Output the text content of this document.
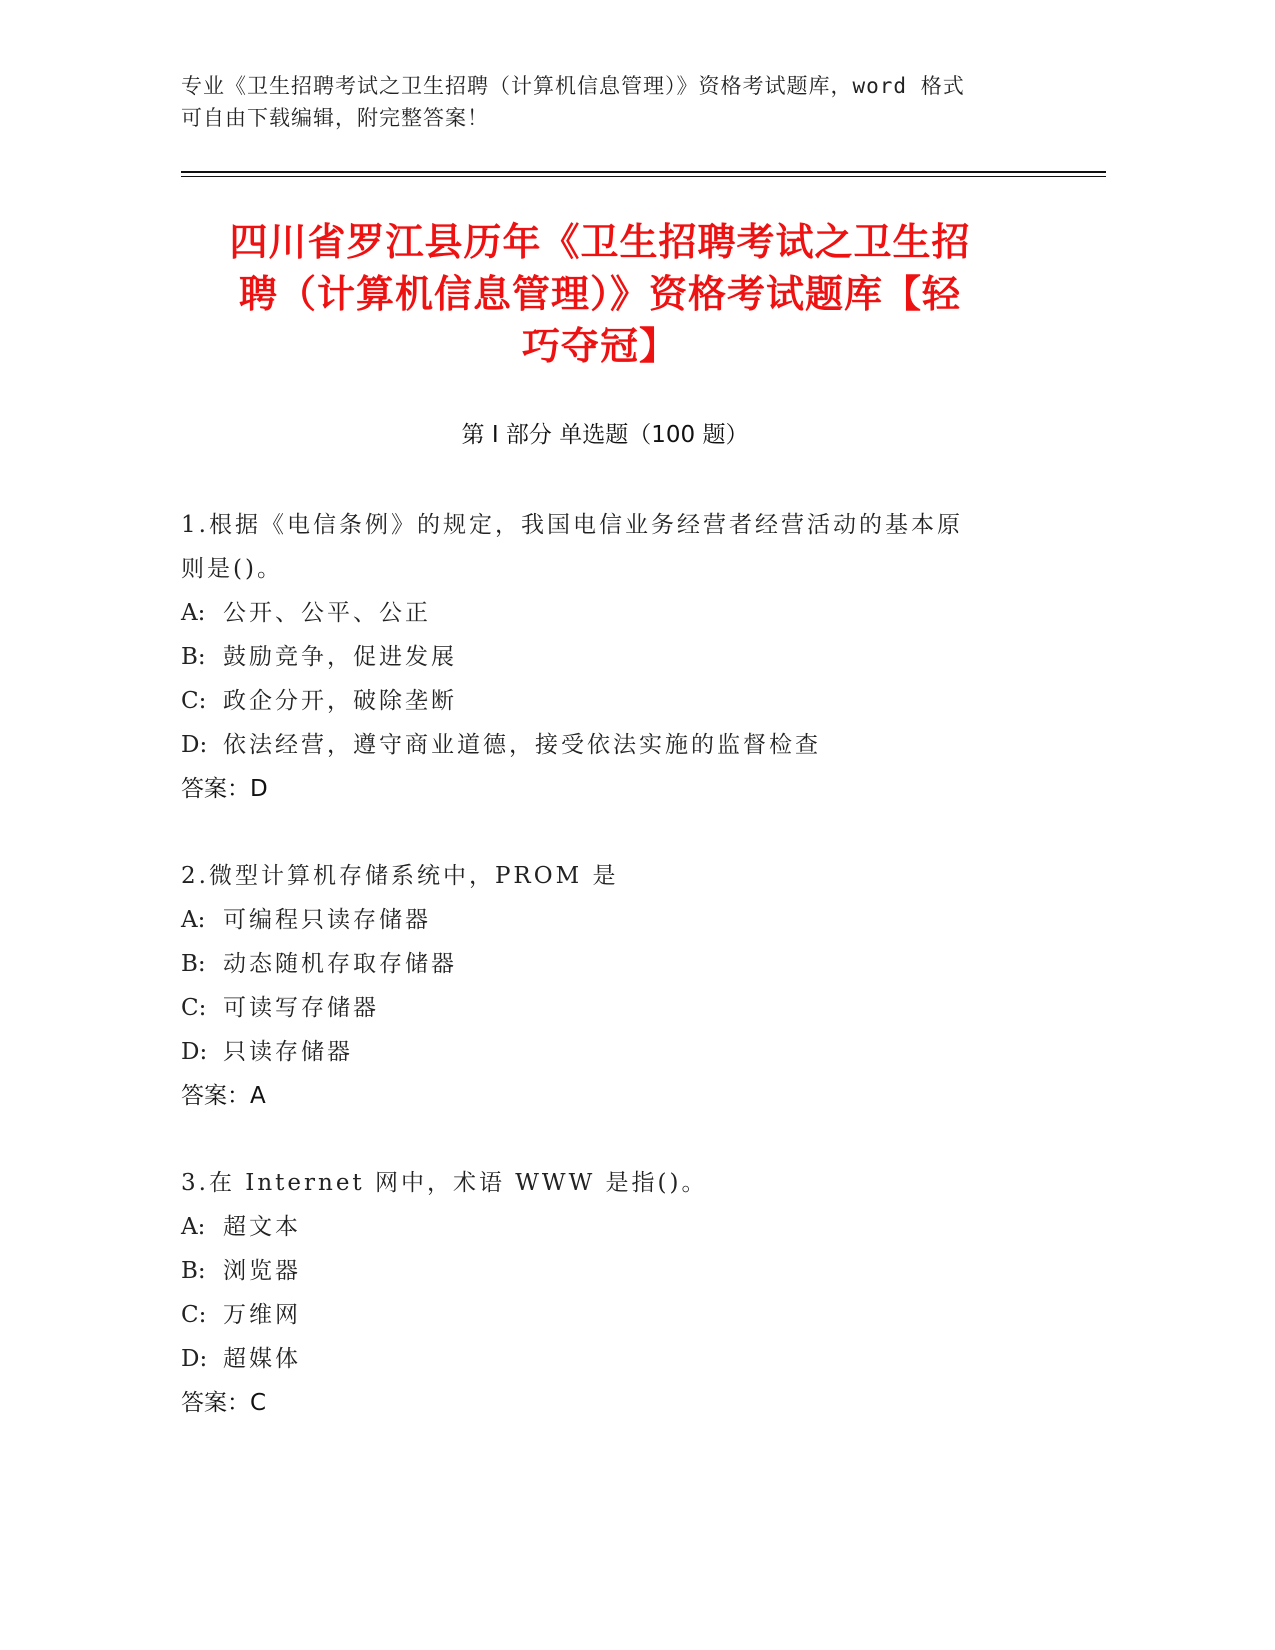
专业《卫生招聘考试之卫生招聘（计算机信息管理）》资格考试题库，word 格式
可自由下载编辑，附完整答案！
四川省罗江县历年《卫生招聘考试之卫生招
聘（计算机信息管理）》资格考试题库【轻
巧夺冠】
第 I 部分 单选题（100 题）
1.根据《电信条例》的规定，我国电信业务经营者经营活动的基本原
则是()。
A: 公开、公平、公正
B: 鼓励竞争，促进发展
C: 政企分开，破除垄断
D: 依法经营，遵守商业道德，接受依法实施的监督检查
答案：D
2.微型计算机存储系统中，PROM 是
A: 可编程只读存储器
B: 动态随机存取存储器
C: 可读写存储器
D: 只读存储器
答案：A
3.在 Internet 网中，术语 WWW 是指()。
A: 超文本
B: 浏览器
C: 万维网
D: 超媒体
答案：C
